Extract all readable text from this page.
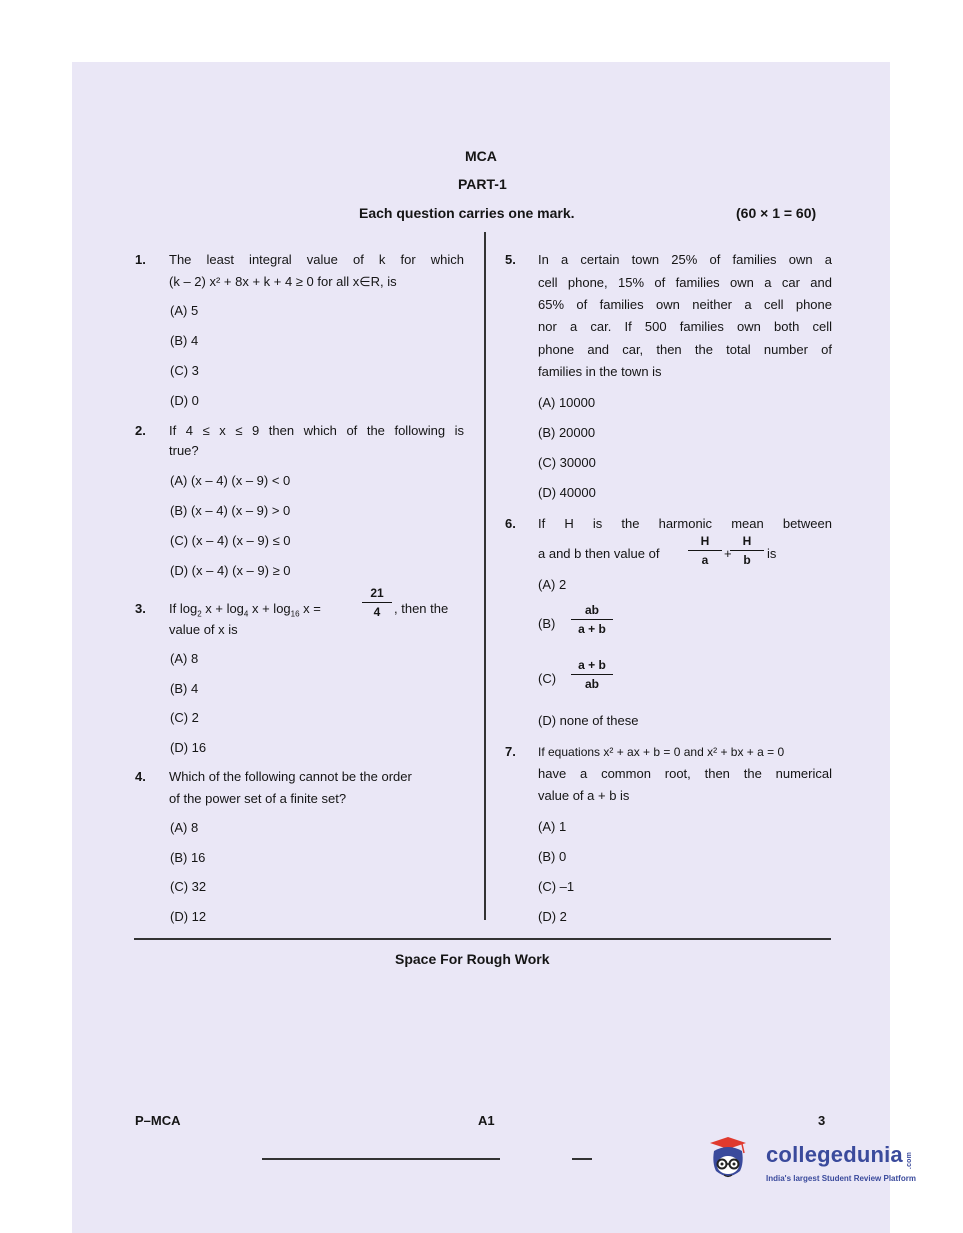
MCA
PART-1
Each question carries one mark.	(60 × 1 = 60)
1. The least integral value of k for which
(k – 2) x² + 8x + k + 4 ≥ 0 for all x∈R, is
(A) 5
(B) 4
(C) 3
(D) 0
2. If 4 ≤ x ≤ 9 then which of the following is
true?
(A) (x – 4) (x – 9) < 0
(B) (x – 4) (x – 9) > 0
(C) (x – 4) (x – 9) ≤ 0
(D) (x – 4) (x – 9) ≥ 0
3. If $\log_2 x + \log_4 x + \log_{16} x$ =
21
4	, then the
value of x is
(A) 8
(B) 4
(C) 2
(D) 16
4. Which of the following cannot be the order
of the power set of a finite set?
(A) 8
(B) 16
(C) 32
(D) 12
5. In a certain town 25% of families own a
cell phone, 15% of families own a car and
65% of families own neither a cell phone
nor a car. If 500 families own both cell
phone and car, then the total number of
families in the town is
(A) 10000
(B) 20000
(C) 30000
(D) 40000
6. If H is the harmonic mean between
a and b then value of
H
a	+
H
b	is
(A) 2
(B)
ab
a + b
(C)
a + b
ab
(D) none of these
7. If equations x² + ax + b = 0 and x² + bx + a = 0
have a common root, then the numerical
value of a + b is
(A) 1
(B) 0
(C) –1
(D) 2
Space For Rough Work
P–MCA	A1	3
collegedunia .com
India's largest Student Review Platform
